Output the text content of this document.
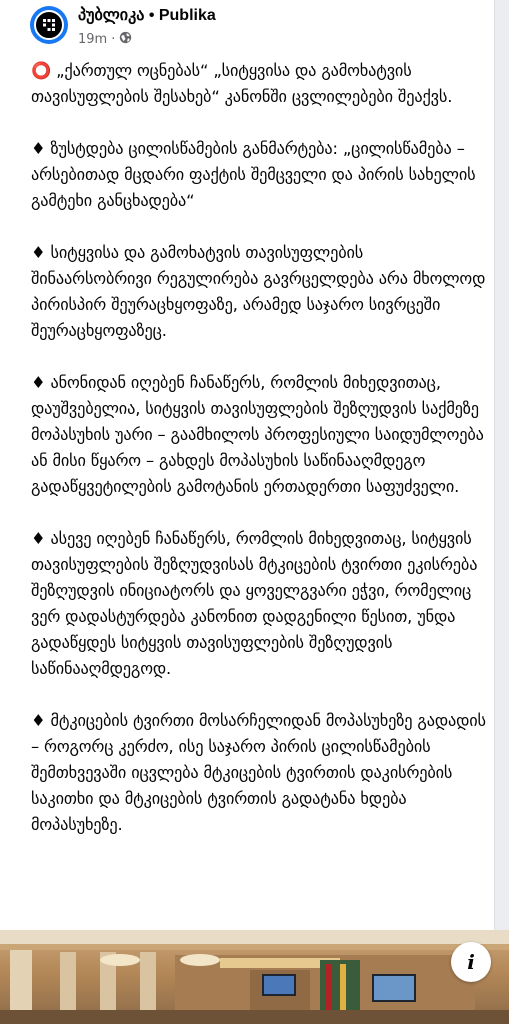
პუბლიკა • Publika
19m ·

⭕ „ქართულ ოცნებას“ „სიტყვისა და გამოხატვის თავისუფლების შესახებ“ კანონში ცვლილებები შეაქვს.

♦ ზუსტდება ცილისწამების განმარტება: „ცილისწამება – არსებითად მცდარი ფაქტის შემცველი და პირის სახელის გამტეხი განცხადება“

♦ სიტყვისა და გამოხატვის თავისუფლების შინაარსობრივი რეგულირება გავრცელდება არა მხოლოდ პირისპირ შეურაცხყოფაზე, არამედ საჯარო სივრცეში შეურაცხყოფაზეც.

♦ ანონიდან იღებენ ჩანაწერს, რომლის მიხედვითაც, დაუშვებელია, სიტყვის თავისუფლების შეზღუდვის საქმეზე მოპასუხის უარი – გაამხილოს პროფესიული საიდუმლოება ან მისი წყარო – გახდეს მოპასუხის საწინააღმდეგო გადაწყვეტილების გამოტანის ერთადერთი საფუძველი.

♦ ასევე იღებენ ჩანაწერს, რომლის მიხედვითაც, სიტყვის თავისუფლების შეზღუდვისას მტკიცების ტვირთი ეკისრება შეზღუდვის ინიციატორს და ყოველგვარი ეჭვი, რომელიც ვერ დადასტურდება კანონით დადგენილი წესით, უნდა გადაწყდეს სიტყვის თავისუფლების შეზღუდვის საწინააღმდეგოდ.

♦ მტკიცების ტვირთი მოსარჩელიდან მოპასუხეზე გადადის – როგორც კერძო, ისე საჯარო პირის ცილისწამების შემთხვევაში იცვლება მტკიცების ტვირთის დაკისრების საკითხი და მტკიცების ტვირთის გადატანა ხდება მოპასუხეზე.

i
